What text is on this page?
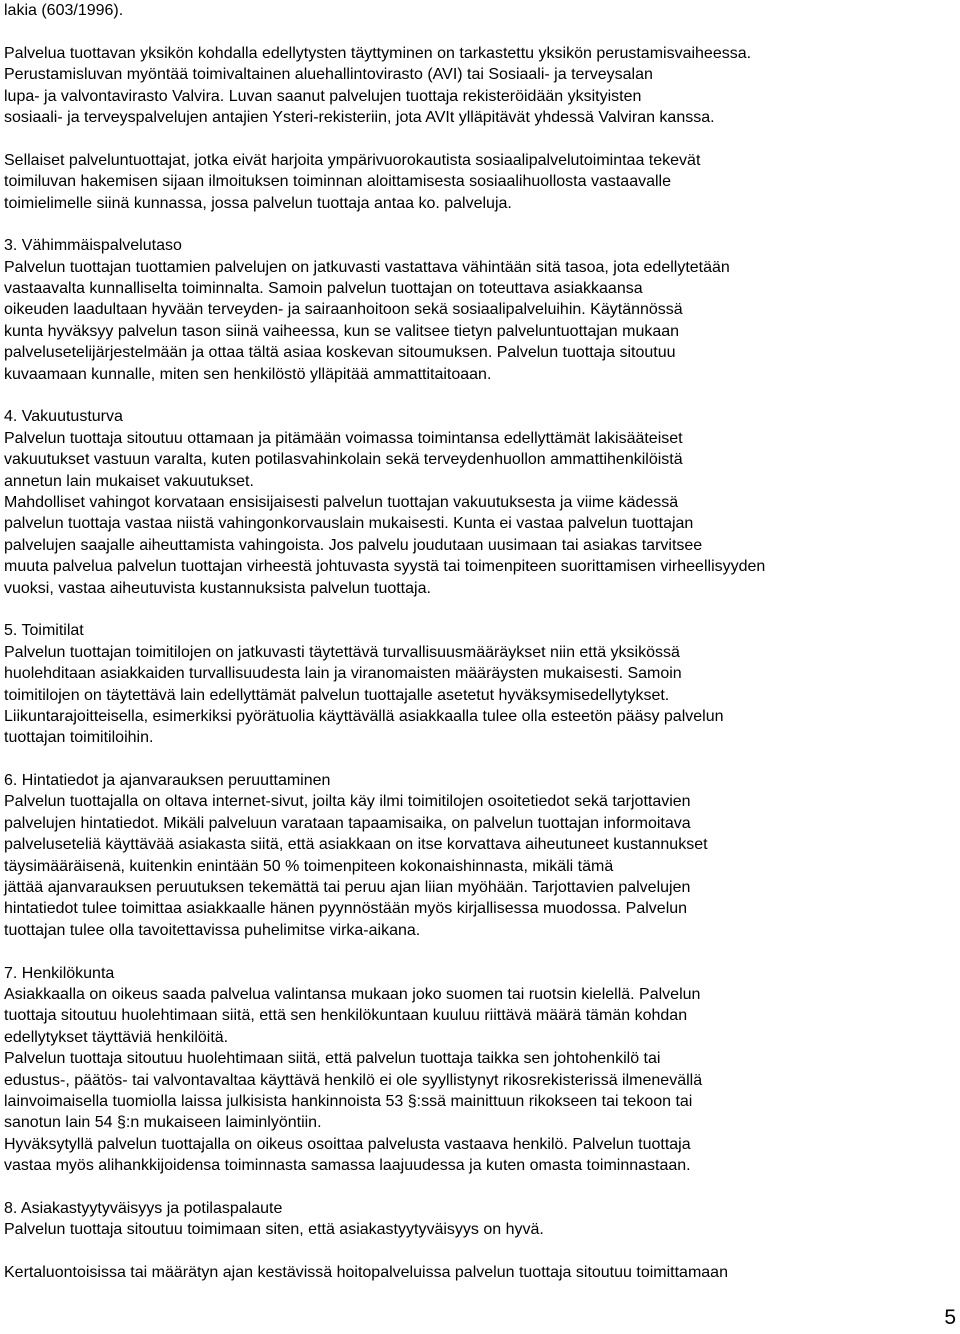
lakia (603/1996).
Palvelua tuottavan yksikön kohdalla edellytysten täyttyminen on tarkastettu yksikön perustamisvaiheessa.
Perustamisluvan myöntää toimivaltainen aluehallintovirasto (AVI) tai Sosiaali- ja terveysalan
lupa- ja valvontavirasto Valvira. Luvan saanut palvelujen tuottaja rekisteröidään yksityisten
sosiaali- ja terveyspalvelujen antajien Ysteri-rekisteriin, jota AVIt ylläpitävät yhdessä Valviran kanssa.
Sellaiset palveluntuottajat, jotka eivät harjoita ympärivuorokautista sosiaalipalvelutoimintaa tekevät
toimiluvan hakemisen sijaan ilmoituksen toiminnan aloittamisesta sosiaalihuollosta vastaavalle
toimielimelle siinä kunnassa, jossa palvelun tuottaja antaa ko. palveluja.
3. Vähimmäispalvelutaso
Palvelun tuottajan tuottamien palvelujen on jatkuvasti vastattava vähintään sitä tasoa, jota edellytetään
vastaavalta kunnalliselta toiminnalta. Samoin palvelun tuottajan on toteuttava asiakkaansa
oikeuden laadultaan hyvään terveyden- ja sairaanhoitoon sekä sosiaalipalveluihin. Käytännössä
kunta hyväksyy palvelun tason siinä vaiheessa, kun se valitsee tietyn palveluntuottajan mukaan
palvelusetelijärjestelmään ja ottaa tältä asiaa koskevan sitoumuksen. Palvelun tuottaja sitoutuu
kuvaamaan kunnalle, miten sen henkilöstö ylläpitää ammattitaitoaan.
4. Vakuutusturva
Palvelun tuottaja sitoutuu ottamaan ja pitämään voimassa toimintansa edellyttämät lakisääteiset
vakuutukset vastuun varalta, kuten potilasvahinkolain sekä terveydenhuollon ammattihenkilöistä
annetun lain mukaiset vakuutukset.
Mahdolliset vahingot korvataan ensisijaisesti palvelun tuottajan vakuutuksesta ja viime kädessä
palvelun tuottaja vastaa niistä vahingonkorvauslain mukaisesti. Kunta ei vastaa palvelun tuottajan
palvelujen saajalle aiheuttamista vahingoista. Jos palvelu joudutaan uusimaan tai asiakas tarvitsee
muuta palvelua palvelun tuottajan virheestä johtuvasta syystä tai toimenpiteen suorittamisen virheellisyyden
vuoksi, vastaa aiheutuvista kustannuksista palvelun tuottaja.
5. Toimitilat
Palvelun tuottajan toimitilojen on jatkuvasti täytettävä turvallisuusmääräykset niin että yksikössä
huolehditaan asiakkaiden turvallisuudesta lain ja viranomaisten määräysten mukaisesti. Samoin
toimitilojen on täytettävä lain edellyttämät palvelun tuottajalle asetetut hyväksymisedellytykset.
Liikuntarajoitteisella, esimerkiksi pyörätuolia käyttävällä asiakkaalla tulee olla esteetön pääsy palvelun
tuottajan toimitiloihin.
6. Hintatiedot ja ajanvarauksen peruuttaminen
Palvelun tuottajalla on oltava internet-sivut, joilta käy ilmi toimitilojen osoitetiedot sekä tarjottavien
palvelujen hintatiedot. Mikäli palveluun varataan tapaamisaika, on palvelun tuottajan informoitava
palveluseteliä käyttävää asiakasta siitä, että asiakkaan on itse korvattava aiheutuneet kustannukset
täysimääräisenä, kuitenkin enintään 50 % toimenpiteen kokonaishinnasta, mikäli tämä
jättää ajanvarauksen peruutuksen tekemättä tai peruu ajan liian myöhään. Tarjottavien palvelujen
hintatiedot tulee toimittaa asiakkaalle hänen pyynnöstään myös kirjallisessa muodossa. Palvelun
tuottajan tulee olla tavoitettavissa puhelimitse virka-aikana.
7. Henkilökunta
Asiakkaalla on oikeus saada palvelua valintansa mukaan joko suomen tai ruotsin kielellä. Palvelun
tuottaja sitoutuu huolehtimaan siitä, että sen henkilökuntaan kuuluu riittävä määrä tämän kohdan
edellytykset täyttäviä henkilöitä.
Palvelun tuottaja sitoutuu huolehtimaan siitä, että palvelun tuottaja taikka sen johtohenkilö tai
edustus-, päätös- tai valvontavaltaa käyttävä henkilö ei ole syyllistynyt rikosrekisterissä ilmenevällä
lainvoimaisella tuomiolla laissa julkisista hankinnoista 53 §:ssä mainittuun rikokseen tai tekoon tai
sanotun lain 54 §:n mukaiseen laiminlyöntiin.
Hyväksytyllä palvelun tuottajalla on oikeus osoittaa palvelusta vastaava henkilö. Palvelun tuottaja
vastaa myös alihankkijoidensa toiminnasta samassa laajuudessa ja kuten omasta toiminnastaan.
8. Asiakastyytyväisyys ja potilaspalaute
Palvelun tuottaja sitoutuu toimimaan siten, että asiakastyytyväisyys on hyvä.
Kertaluontoisissa tai määrätyn ajan kestävissä hoitopalveluissa palvelun tuottaja sitoutuu toimittamaan
5
